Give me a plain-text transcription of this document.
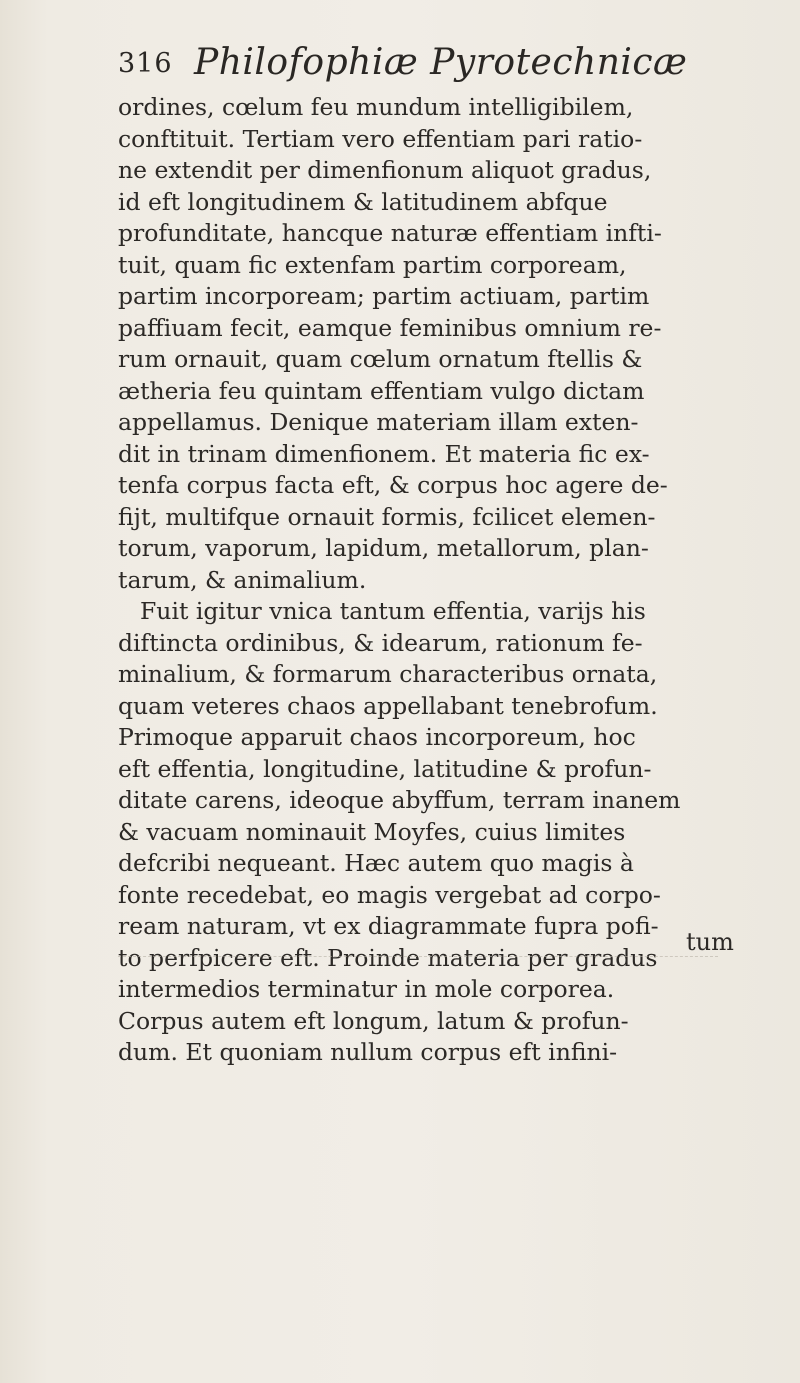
316 Philofophiæ Pyrotechnicæ
ordines, cœlum feu mundum intelligibilem,
conftituit. Tertiam vero effentiam pari ratio-
ne extendit per dimenfionum aliquot gradus,
id eft longitudinem & latitudinem abfque
profunditate, hancque naturæ effentiam infti-
tuit, quam fic extenfam partim corpoream,
partim incorpoream; partim actiuam, partim
paffiuam fecit, eamque feminibus omnium re-
rum ornauit, quam cœlum ornatum ftellis &
ætheria feu quintam effentiam vulgo dictam
appellamus. Denique materiam illam exten-
dit in trinam dimenfionem. Et materia fic ex-
tenfa corpus facta eft, & corpus hoc agere de-
fijt, multifque ornauit formis, fcilicet elemen-
torum, vaporum, lapidum, metallorum, plan-
tarum, & animalium.
Fuit igitur vnica tantum effentia, varijs his
diftincta ordinibus, & idearum, rationum fe-
minalium, & formarum characteribus ornata,
quam veteres chaos appellabant tenebrofum.
Primoque apparuit chaos incorporeum, hoc
eft effentia, longitudine, latitudine & profun-
ditate carens, ideoque abyffum, terram inanem
& vacuam nominauit Moyfes, cuius limites
defcribi nequeant. Hæc autem quo magis à
fonte recedebat, eo magis vergebat ad corpo-
ream naturam, vt ex diagrammate fupra pofi-
to perfpicere eft. Proinde materia per gradus
intermedios terminatur in mole corporea.
Corpus autem eft longum, latum & profun-
dum. Et quoniam nullum corpus eft infini-
tum
